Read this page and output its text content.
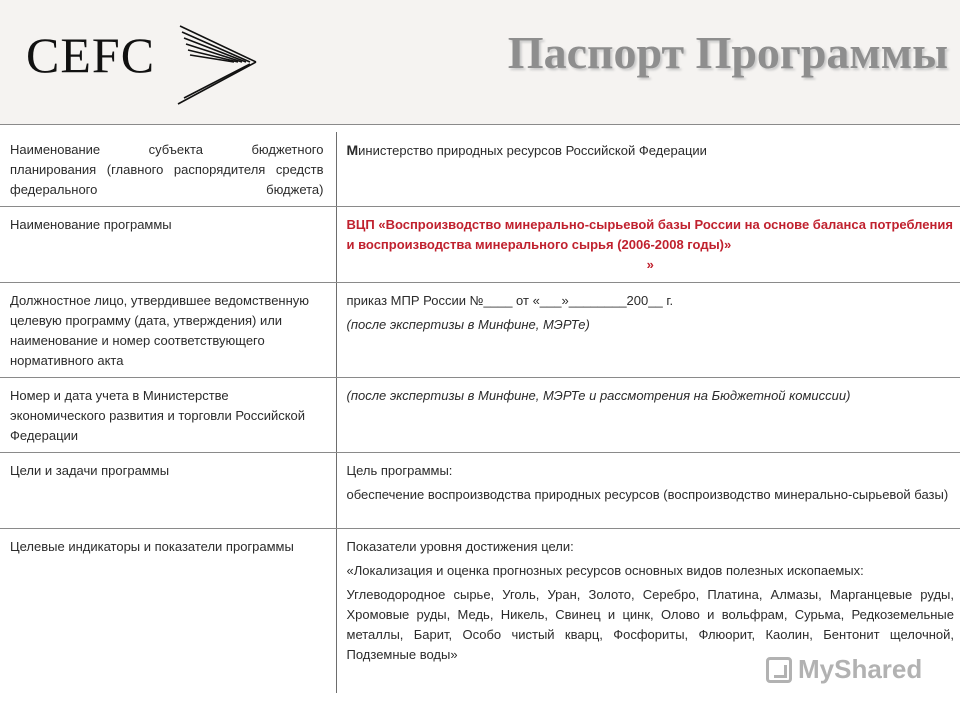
CEFC	Паспорт Программы
Наименование субъекта бюджетного планирования (главного распорядителя средств федерального бюджета)	Министерство природных ресурсов Российской Федерации
Наименование программы	ВЦП «Воспроизводство минерально-сырьевой базы России на основе баланса потребления и воспроизводства минерального сырья (2006-2008 годы)»
»

Должностное лицо, утвердившее ведомственную целевую программу (дата, утверждения) или наименование и номер соответствующего нормативного акта	приказ МПР России №____ от «___»________200__ г.
(после экспертизы в Минфине, МЭРТе)

Номер и дата учета в Министерстве экономического развития и торговли Российской Федерации	(после экспертизы в Минфине, МЭРТе и рассмотрения на Бюджетной комиссии)
Цели и задачи программы	Цель программы:
обеспечение воспроизводства природных ресурсов (воспроизводство минерально-сырьевой базы)

Целевые индикаторы и показатели программы	Показатели уровня достижения цели:
«Локализация и оценка прогнозных ресурсов основных видов полезных ископаемых:
Углеводородное сырье, Уголь, Уран, Золото, Серебро, Платина, Алмазы, Марганцевые руды, Хромовые руды, Медь, Никель, Свинец и цинк, Олово и вольфрам, Сурьма, Редкоземельные металлы, Барит, Особо чистый кварц, Фосфориты, Флюорит, Каолин, Бентонит щелочной, Подземные воды»	MyShared
